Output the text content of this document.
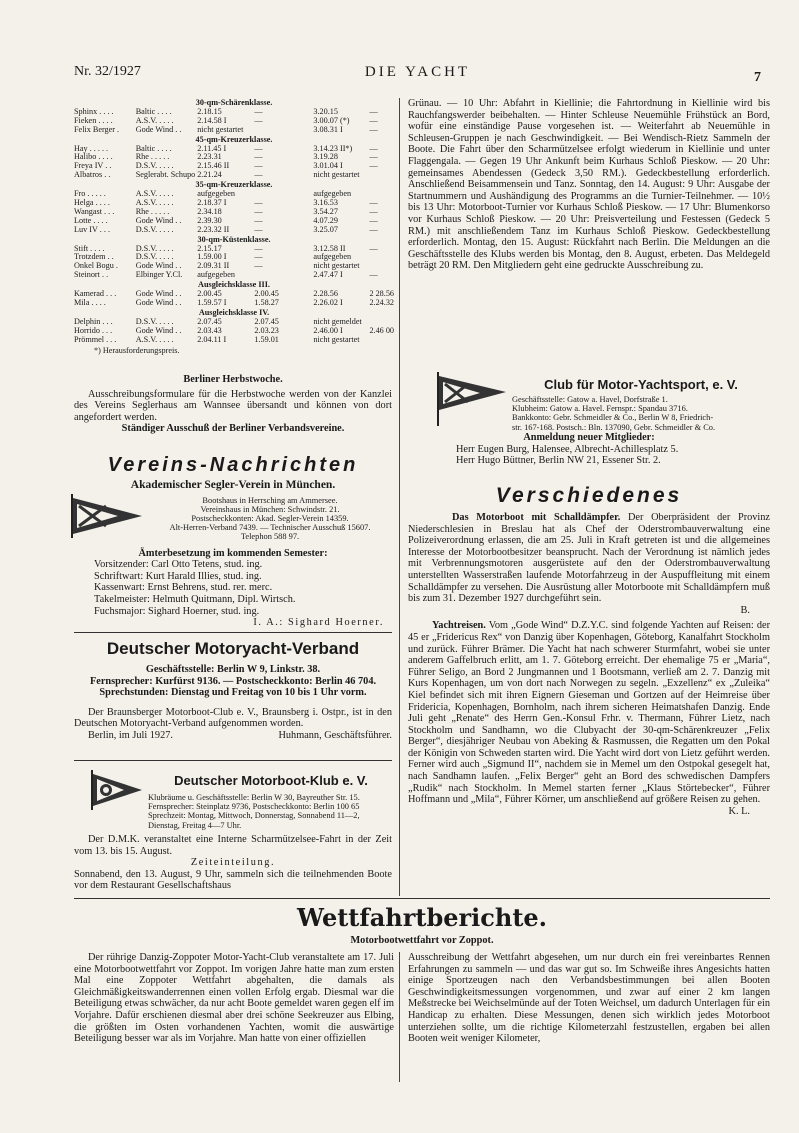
Nr. 32/1927	DIE YACHT	7
30-qm-Schärenklasse.					
Sphinx . . . .	Baltic . . . .	2.18.15	—	3.20.15	—
Fieken . . . .	A.S.V. . . . .	2.14.58 I	—	3.00.07 (*)	—
Felix Berger .	Gode Wind . .	nicht gestartet		3.08.31 I	—
45-qm-Kreuzerklasse.					
Hay . . . . .	Baltic . . . .	2.11.45 I	—	3.14.23 II*)	—
Halibo . . . .	Rhe . . . . .	2.23.31	—	3.19.28	—
Freya IV . .	D.S.V. . . . .	2.15.46 II	—	3.01.04 I	—
Albatros . .	Seglerabt. Schupo	2.21.24	—	nicht gestartet	
35-qm-Kreuzerklasse.					
Fro . . . . .	A.S.V. . . . .	aufgegeben		aufgegeben	
Helga . . . .	A.S.V. . . . .	2.18.37 I	—	3.16.53	—
Wangast . . .	Rhe . . . . .	2.34.18	—	3.54.27	—
Lotte . . . .	Gode Wind . .	2.39.30	—	4.07.29	—
Luv IV . . .	D.S.V. . . . .	2.23.32 II	—	3.25.07	—
30-qm-Küstenklasse.					
Stift . . . .	D.S.V. . . . .	2.15.17	—	3.12.58 II	—
Trotzdem . .	D.S.V. . . . .	1.59.00 I	—	aufgegeben	
Onkel Bogu .	Gode Wind . .	2.09.31 II	—	nicht gestartet	
Steinort . .	Elbinger Y.Cl.	aufgegeben		2.47.47 I	—
Ausgleichsklasse III.					
Kamerad . . .	Gode Wind . .	2.00.45	2.00.45	2.28.56	2 28.56
Mila . . . .	Gode Wind . .	1.59.57 I	1.58.27	2.26.02 I	2.24.32
Ausgleichsklasse IV.					
Delphin . . .	D.S.V. . . . .	2.07.45	2.07.45	nicht gemeldet	
Horrido . . .	Gode Wind . .	2.03.43	2.03.23	2.46.00 I	2.46 00
Prömmel . . .	A.S.V. . . . .	2.04.11 I	1.59.01	nicht gestartet	
*) Herausforderungspreis.
Berliner Herbstwoche.

Ausschreibungsformulare für die Herbstwoche werden von der Kanzlei des Vereins Seglerhaus am Wannsee übersandt und können von dort angefordert werden.

Ständiger Ausschuß der Berliner Verbandsvereine.
Vereins-Nachrichten
Akademischer Segler-Verein in München.
Bootshaus in Herrsching am Ammersee.
Vereinshaus in München: Schwindstr. 21.
Postscheckkonten: Akad. Segler-Verein 14359.
Alt-Herren-Verband 7439. — Technischer Ausschuß 15607.
Telephon 588 97.
Ämterbesetzung im kommenden Semester:
Vorsitzender: Carl Otto Tetens, stud. ing.
Schriftwart: Kurt Harald Illies, stud. ing.
Kassenwart: Ernst Behrens, stud. rer. merc.
Takelmeister: Helmuth Quitmann, Dipl. Wirtsch.
Fuchsmajor: Sighard Hoerner, stud. ing.
I. A.: Sighard Hoerner.
Deutscher Motoryacht-Verband
Geschäftsstelle: Berlin W 9, Linkstr. 38.
Fernsprecher: Kurfürst 9136. — Postscheckkonto: Berlin 46 704.
Sprechstunden: Dienstag und Freitag von 10 bis 1 Uhr vorm.

Der Braunsberger Motorboot-Club e. V., Braunsberg i. Ostpr., ist in den Deutschen Motoryacht-Verband aufgenommen worden.

Berlin, im Juli 1927.	Huhmann, Geschäftsführer.
Deutscher Motorboot-Klub e. V.
Klubräume u. Geschäftsstelle: Berlin W 30, Bayreuther Str. 15.
Fernsprecher: Steinplatz 9736, Postscheckkonto: Berlin 100 65
Sprechzeit: Montag, Mittwoch, Donnerstag, Sonnabend 11—2,
Dienstag, Freitag 4—7 Uhr.

Der D.M.K. veranstaltet eine Interne Scharmützelsee-Fahrt in der Zeit vom 13. bis 15. August.

Zeiteinteilung.

Sonnabend, den 13. August, 9 Uhr, sammeln sich die teilnehmenden Boote vor dem Restaurant Gesellschaftshaus

Grünau. — 10 Uhr: Abfahrt in Kiellinie; die Fahrtordnung in Kiellinie wird bis Rauchfangswerder beibehalten. — Hinter Schleuse Neuemühle Frühstück an Bord, wofür eine einständige Pause vorgesehen ist. — Weiterfahrt ab Neuemühle in Schleusen-Gruppen je nach Geschwindigkeit. — Bei Wendisch-Rietz Sammeln der Boote. Die Fahrt über den Scharmützelsee erfolgt wiederum in Kiellinie und unter Flaggengala. — Gegen 19 Uhr Ankunft beim Kurhaus Schloß Pieskow. — 20 Uhr: gemeinsames Abendessen (Gedeck 3,50 RM.). Gedeckbestellung erforderlich. Anschließend Beisammensein und Tanz. Sonntag, den 14. August: 9 Uhr: Ausgabe der Startnummern und Aushändigung des Programms an die Turnier-Teilnehmer. — 10½ bis 13 Uhr: Motorboot-Turnier vor Kurhaus Schloß Pieskow. — 17 Uhr: Blumenkorso vor Kurhaus Schloß Pieskow. — 20 Uhr: Preisverteilung und Festessen (Gedeck 5 RM.) mit anschließendem Tanz im Kurhaus Schloß Pieskow. Gedeckbestellung erforderlich. Montag, den 15. August: Rückfahrt nach Berlin. Die Meldungen an die Geschäftsstelle des Klubs werden bis Montag, den 8. August, erbeten. Das Meldegeld beträgt 20 RM. Den Mitgliedern geht eine gedruckte Ausschreibung zu.
Club für Motor-Yachtsport, e. V.
Geschäftsstelle: Gatow a. Havel, Dorfstraße 1.
Klubheim: Gatow a. Havel. Fernspr.: Spandau 3716.
Bankkonto: Gebr. Schmeidler & Co., Berlin W 8, Friedrich-
str. 167-168. Postsch.: Bln. 137090, Gebr. Schmeidler & Co.
Anmeldung neuer Mitglieder:
Herr Eugen Burg, Halensee, Albrecht-Achillesplatz 5.
Herr Hugo Büttner, Berlin NW 21, Essener Str. 2.
Verschiedenes

Das Motorboot mit Schalldämpfer. Der Oberpräsident der Provinz Niederschlesien in Breslau hat als Chef der Oderstrombauverwaltung eine Polizeiverordnung erlassen, die am 25. Juli in Kraft getreten ist und die allgemeines Interesse der Motorbootbesitzer beansprucht. Nach der Verordnung ist nämlich jedes mit Verbrennungsmotoren ausgerüstete auf den der Oderstrombauverwaltung unterstellten Wasserstraßen laufende Motorfahrzeug in der Auspuffleitung mit einem Schalldämpfer zu versehen. Die Ausrüstung aller Motorboote mit Schalldämpfern muß bis zum 31. Dezember 1927 durchgeführt sein.

B.

Yachtreisen. Vom „Gode Wind“ D.Z.Y.C. sind folgende Yachten auf Reisen: der 45 er „Fridericus Rex“ von Danzig über Kopenhagen, Göteborg, Kanalfahrt Stockholm und zurück. Führer Brämer. Die Yacht hat nach schwerer Sturmfahrt, wobei sie unter anderem Gaffelbruch erlitt, am 1. 7. Göteborg erreicht. Der ehemalige 75 er „Maria“, Führer Seligo, an Bord 2 Jungmannen und 1 Bootsmann, verließ am 2. 7. Danzig mit Kurs Kopenhagen, um von dort nach Norwegen zu segeln. „Exzellenz“ ex „Zuleika“ Kiel befindet sich mit ihren Eignern Gieseman und Gortzen auf der Heimreise über Fridericia, Kopenhagen, Bornholm, nach ihrem sicheren Heimatshafen Danzig. Ende Juli geht „Renate“ des Herrn Gen.-Konsul Frhr. v. Thermann, Führer Lietz, nach Stockholm und Sandhamn, wo die Clubyacht der 30-qm-Schärenkreuzer „Felix Berger“, diesjähriger Neubau von Abeking & Rasmussen, die Regatten um den Pokal der Königin von Schweden starten wird. Die Yacht wird dort von Lietz geführt werden. Ferner wird auch „Sigmund II“, nachdem sie in Memel um den Ostpokal gesegelt hat, nach Sandhamn laufen. „Felix Berger“ geht an Bord des schwedischen Dampfers „Rudik“ nach Stockholm. In Memel starten ferner „Klaus Störtebecker“, Führer Hoffmann und „Mila“, Führer Körner, um anschließend auf größere Reisen zu gehen.

K. L.
Wettfahrtberichte.
Motorbootwettfahrt vor Zoppot.
Der rührige Danzig-Zoppoter Motor-Yacht-Club veranstaltete am 17. Juli eine Motorbootwettfahrt vor Zoppot. Im vorigen Jahre hatte man zum ersten Mal eine Zoppoter Wettfahrt abgehalten, die damals als Gleichmäßigkeitswanderrennen einen vollen Erfolg ergab. Diesmal war die Beteiligung etwas schwächer, da nur acht Boote gemeldet waren gegen elf im Vorjahre. Dafür erschienen diesmal aber drei schöne Seekreuzer aus Elbing, die größten im Osten vorhandenen Yachten, womit die auswärtige Beteiligung besser war als im Vorjahre. Man hatte von einer offiziellen
Ausschreibung der Wettfahrt abgesehen, um nur durch ein frei vereinbartes Rennen Erfahrungen zu sammeln — und das war gut so. Im Schweiße ihres Angesichts hatten einige Sportzeugen nach den Verbandsbestimmungen bei allen Booten Geschwindigkeitsmessungen vorgenommen, und zwar auf einer 2 km langen Meßstrecke bei Weichselmünde auf der Toten Weichsel, um dadurch Unterlagen für ein Handicap zu erhalten. Diese Messungen, denen sich wirklich jedes Motorboot unterziehen sollte, um die richtige Kilometerzahl festzustellen, ergaben bei allen Booten weit weniger Kilometer,
